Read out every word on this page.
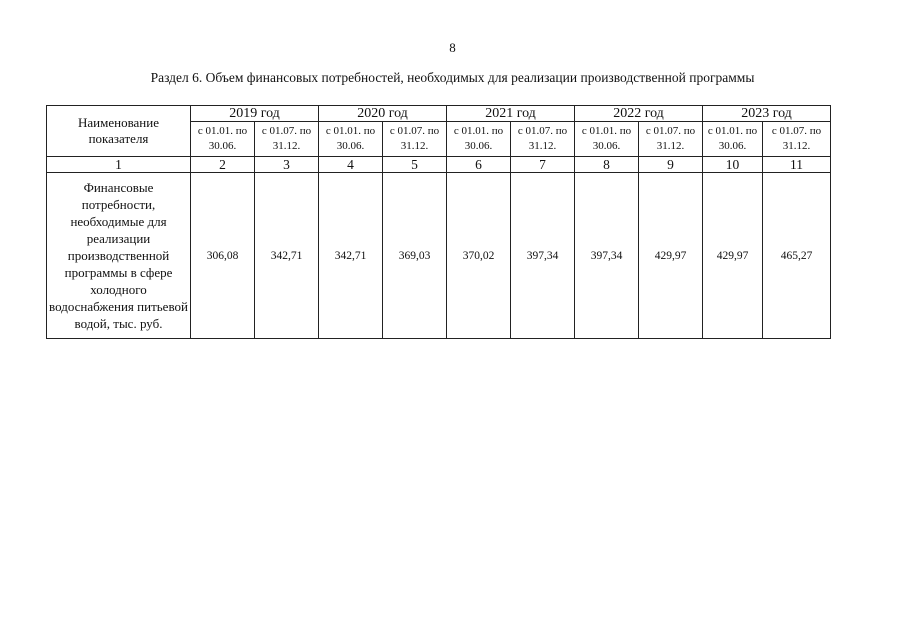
8
Раздел 6. Объем финансовых потребностей, необходимых для реализации производственной программы
Наименование показателя	2019 год		2020 год		2021 год		2022 год		2023 год	
	с 01.01. по 30.06.	с 01.07. по 31.12.	с 01.01. по 30.06.	с 01.07. по 31.12.	с 01.01. по 30.06.	с 01.07. по 31.12.	с 01.01. по 30.06.	с 01.07. по 31.12.	с 01.01. по 30.06.	с 01.07. по 31.12.
1	2	3	4	5	6	7	8	9	10	11
Финансовые потребности, необходимые для реализации производственной программы в сфере холодного водоснабжения питьевой водой, тыс. руб.	306,08	342,71	342,71	369,03	370,02	397,34	397,34	429,97	429,97	465,27
